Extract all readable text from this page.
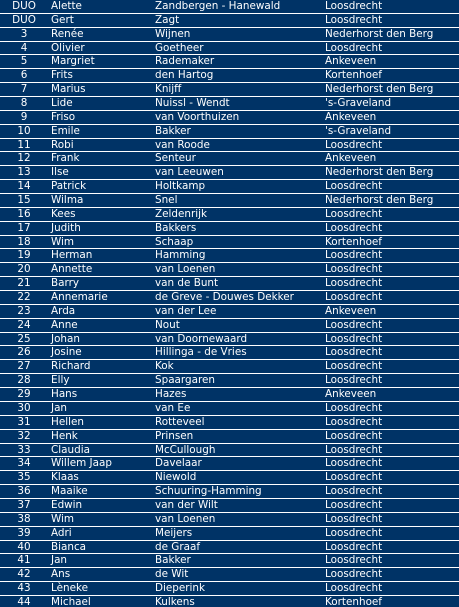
DUO	Alette	Zandbergen - Hanewald	Loosdrecht
DUO	Gert	Zagt	Loosdrecht
3	Renée	Wijnen	Nederhorst den Berg
4	Olivier	Goetheer	Loosdrecht
5	Margriet	Rademaker	Ankeveen
6	Frits	den Hartog	Kortenhoef
7	Marius	Knijff	Nederhorst den Berg
8	Lide	Nuissl - Wendt	's-Graveland
9	Friso	van Voorthuizen	Ankeveen
10	Emile	Bakker	's-Graveland
11	Robi	van Roode	Loosdrecht
12	Frank	Senteur	Ankeveen
13	Ilse	van Leeuwen	Nederhorst den Berg
14	Patrick	Holtkamp	Loosdrecht
15	Wilma	Snel	Nederhorst den Berg
16	Kees	Zeldenrijk	Loosdrecht
17	Judith	Bakkers	Loosdrecht
18	Wim	Schaap	Kortenhoef
19	Herman	Hamming	Loosdrecht
20	Annette	van Loenen	Loosdrecht
21	Barry	van de Bunt	Loosdrecht
22	Annemarie	de Greve - Douwes Dekker	Loosdrecht
23	Arda	van der Lee	Ankeveen
24	Anne	Nout	Loosdrecht
25	Johan	van Doornewaard	Loosdrecht
26	Josine	Hillinga - de Vries	Loosdrecht
27	Richard	Kok	Loosdrecht
28	Elly	Spaargaren	Loosdrecht
29	Hans	Hazes	Ankeveen
30	Jan	van Ee	Loosdrecht
31	Hellen	Rotteveel	Loosdrecht
32	Henk	Prinsen	Loosdrecht
33	Claudia	McCullough	Loosdrecht
34	Willem Jaap	Davelaar	Loosdrecht
35	Klaas	Niewold	Loosdrecht
36	Maaike	Schuuring-Hamming	Loosdrecht
37	Edwin	van der Wilt	Loosdrecht
38	Wim	van Loenen	Loosdrecht
39	Adri	Meijers	Loosdrecht
40	Bianca	de Graaf	Loosdrecht
41	Jan	Bakker	Loosdrecht
42	Ans	de Wit	Loosdrecht
43	Lèneke	Dieperink	Loosdrecht
44	Michael	Kulkens	Kortenhoef
